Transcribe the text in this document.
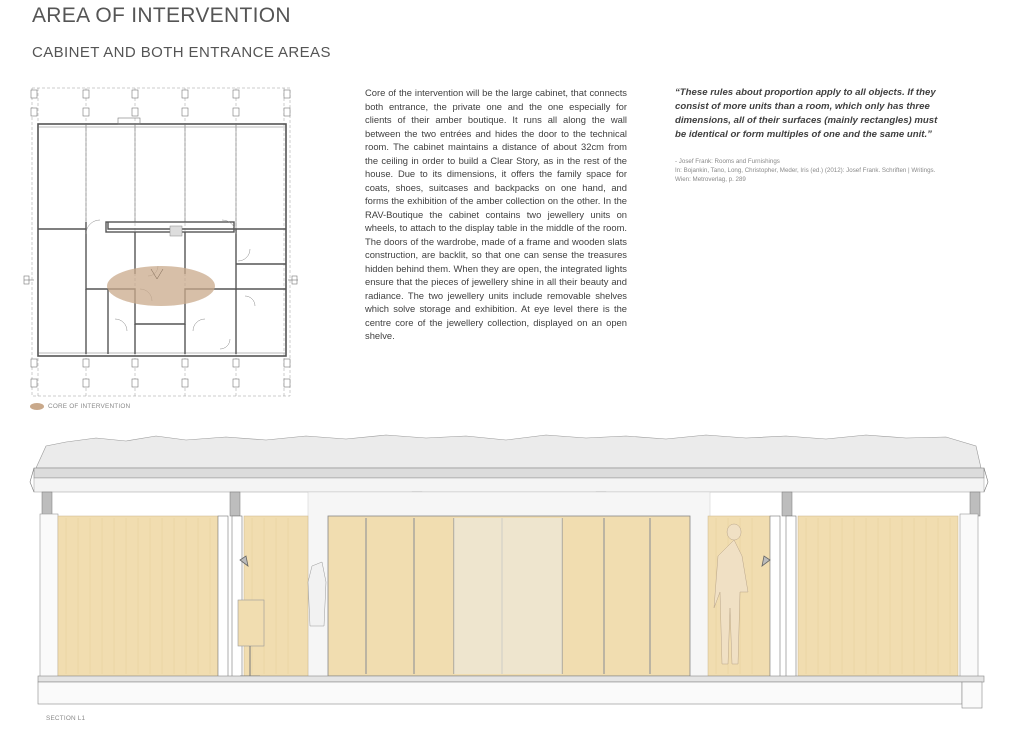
AREA OF INTERVENTION
CABINET AND BOTH ENTRANCE AREAS
CORE OF INTERVENTION

Core of the intervention will be the large cabinet, that connects both entrance, the private one and the one especially for clients of their amber boutique. It runs all along the wall between the two entrées and hides the door to the technical room. The cabinet maintains a distance of about 32cm from the ceiling in order to build a Clear Story, as in the rest of the house. Due to its dimensions, it offers the family space for coats, shoes, suitcases and backpacks on one hand, and forms the exhibition of the amber collection on the other. In the RAV-Boutique the cabinet contains two jewellery units on wheels, to attach to the display table in the middle of the room. The doors of the wardrobe, made of a frame and wooden slats construction, are backlit, so that one can sense the treasures hidden behind them. When they are open, the integrated lights ensure that the pieces of jewellery shine in all their beauty and radiance. The two jewellery units include removable shelves which solve storage and exhibition. At eye level there is the centre core of the jewellery collection, displayed on an open shelve.

“These rules about proportion apply to all objects. If they consist of more units than a room, which only has three dimensions, all of their surfaces (mainly rectangles) must be identical or form multiples of one and the same unit.”

- Josef Frank: Rooms and Furnishings
In: Bojankin, Tano, Long, Christopher, Meder, Iris (ed.) (2012): Josef Frank. Schriften | Writings.
Wien: Metroverlag, p. 289
SECTION L1
